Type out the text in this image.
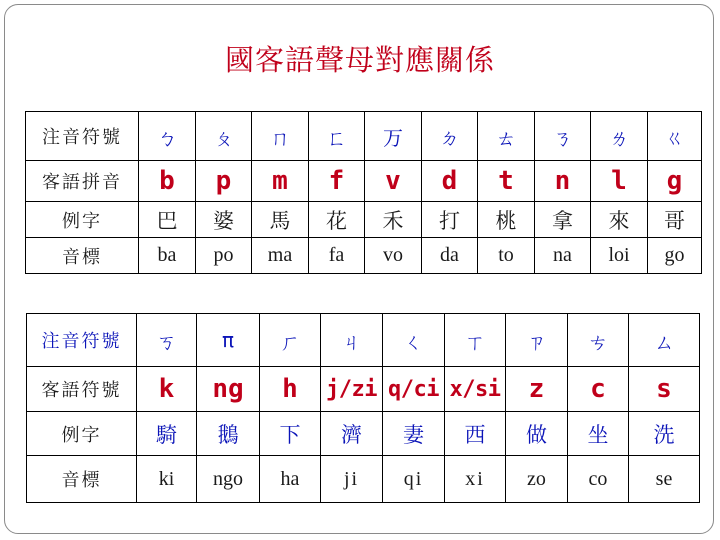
國客語聲母對應關係
注音符號	ㄅ	ㄆ	ㄇ	ㄈ	万	ㄉ	ㄊ	ㄋ	ㄌ	ㄍ
客語拼音	b	p	m	f	v	d	t	n	l	g
例字	巴	婆	馬	花	禾	打	桃	拿	來	哥
音標	ba	po	ma	fa	vo	da	to	na	loi	go
注音符號	ㄎ	π	ㄏ	ㄐ	ㄑ	ㄒ	ㄗ	ㄘ	ㄙ
客語符號	k	ng	h	j/zi	q/ci	x/si	z	c	s
例字	騎	鵝	下	濟	妻	西	做	坐	洗
音標	ki	ngo	ha	ji	qi	xi	zo	co	se
